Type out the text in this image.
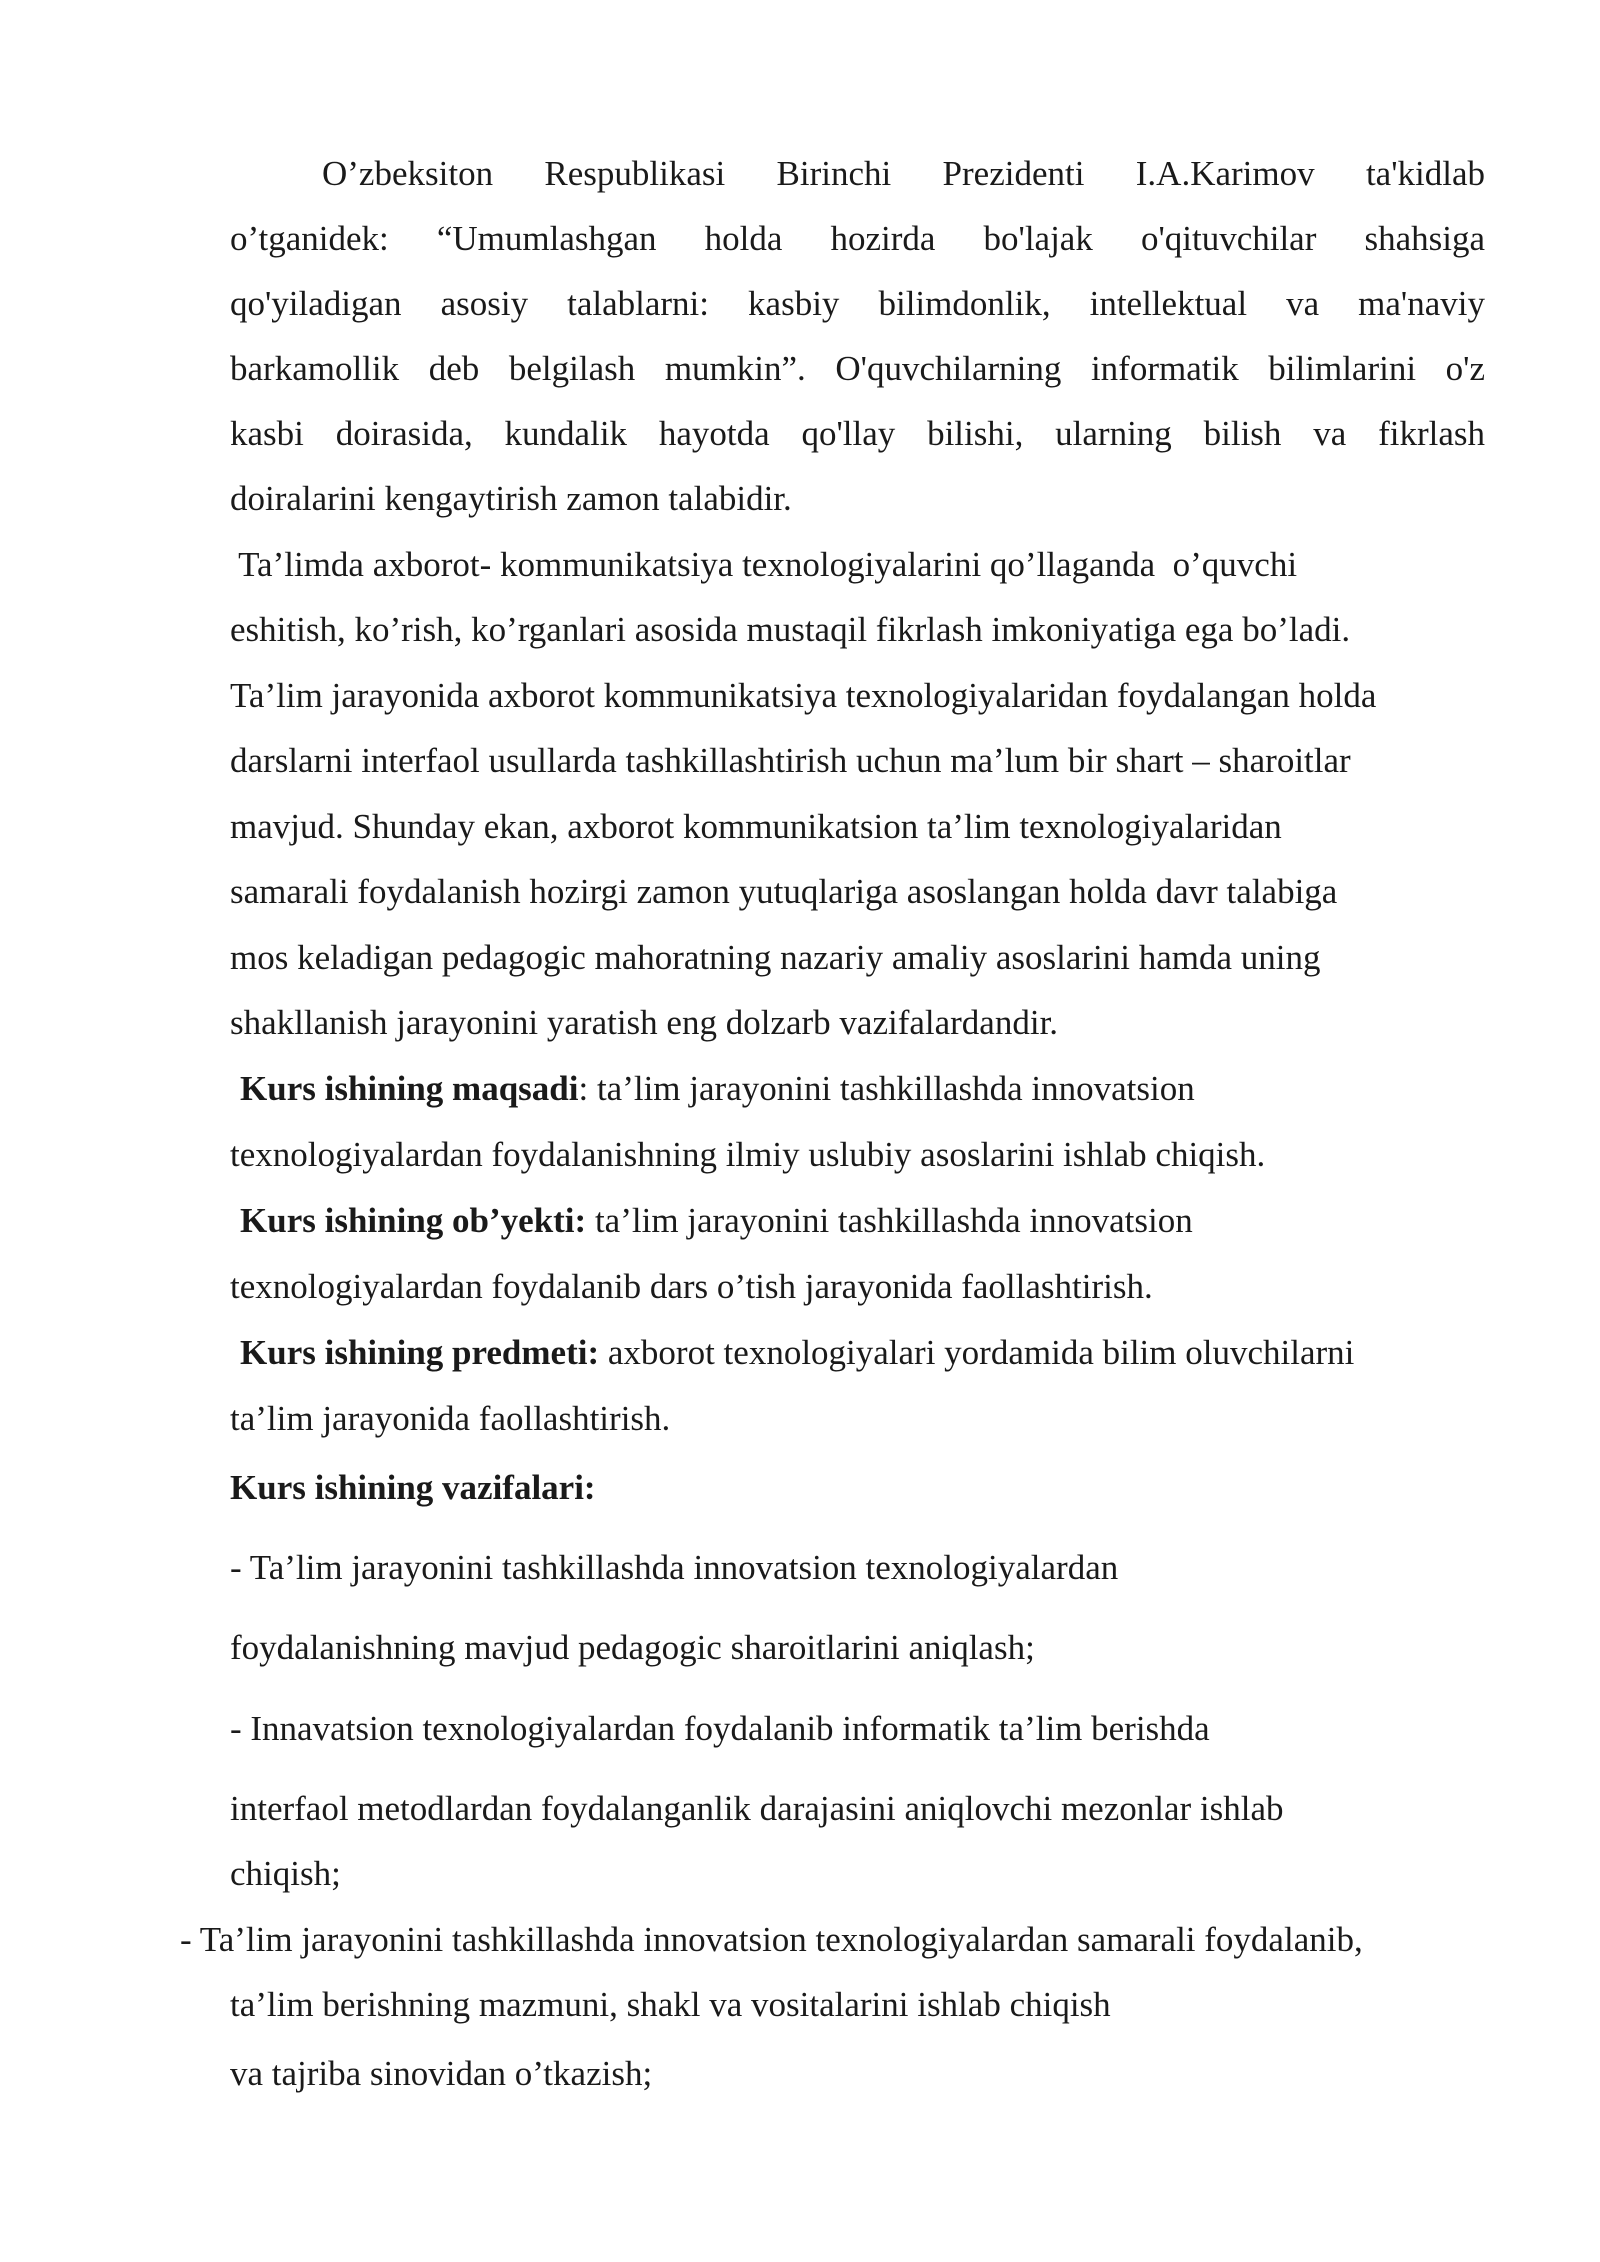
O’zbeksiton Respublikasi Birinchi Prezidenti I.A.Karimov ta'kidlab

o’tganidek: “Umumlashgan holda hozirda bo'lajak o'qituvchilar shahsiga

qo'yiladigan asosiy talablarni: kasbiy bilimdonlik, intellektual va ma'naviy

barkamollik deb belgilash mumkin”. O'quvchilarning informatik bilimlarini o'z

kasbi doirasida, kundalik hayotda qo'llay bilishi, ularning bilish va fikrlash

doiralarini kengaytirish zamon talabidir.

Ta’limda axborot- kommunikatsiya texnologiyalarini qo’llaganda  o’quvchi

eshitish, ko’rish, ko’rganlari asosida mustaqil fikrlash imkoniyatiga ega bo’ladi.

Ta’lim jarayonida axborot kommunikatsiya texnologiyalaridan foydalangan holda

darslarni interfaol usullarda tashkillashtirish uchun ma’lum bir shart – sharoitlar

mavjud. Shunday ekan, axborot kommunikatsion ta’lim texnologiyalaridan

samarali foydalanish hozirgi zamon yutuqlariga asoslangan holda davr talabiga

mos keladigan pedagogic mahoratning nazariy amaliy asoslarini hamda uning

shakllanish jarayonini yaratish eng dolzarb vazifalardandir.

Kurs ishining maqsadi: ta’lim jarayonini tashkillashda innovatsion

texnologiyalardan foydalanishning ilmiy uslubiy asoslarini ishlab chiqish.

Kurs ishining ob’yekti: ta’lim jarayonini tashkillashda innovatsion

texnologiyalardan foydalanib dars o’tish jarayonida faollashtirish.

Kurs ishining predmeti: axborot texnologiyalari yordamida bilim oluvchilarni

ta’lim jarayonida faollashtirish.

Kurs ishining vazifalari:

- Ta’lim jarayonini tashkillashda innovatsion texnologiyalardan

foydalanishning mavjud pedagogic sharoitlarini aniqlash;

- Innavatsion texnologiyalardan foydalanib informatik ta’lim berishda

interfaol metodlardan foydalanganlik darajasini aniqlovchi mezonlar ishlab

chiqish;

- Ta’lim jarayonini tashkillashda innovatsion texnologiyalardan samarali foydalanib,

ta’lim berishning mazmuni, shakl va vositalarini ishlab chiqish

va tajriba sinovidan o’tkazish;
